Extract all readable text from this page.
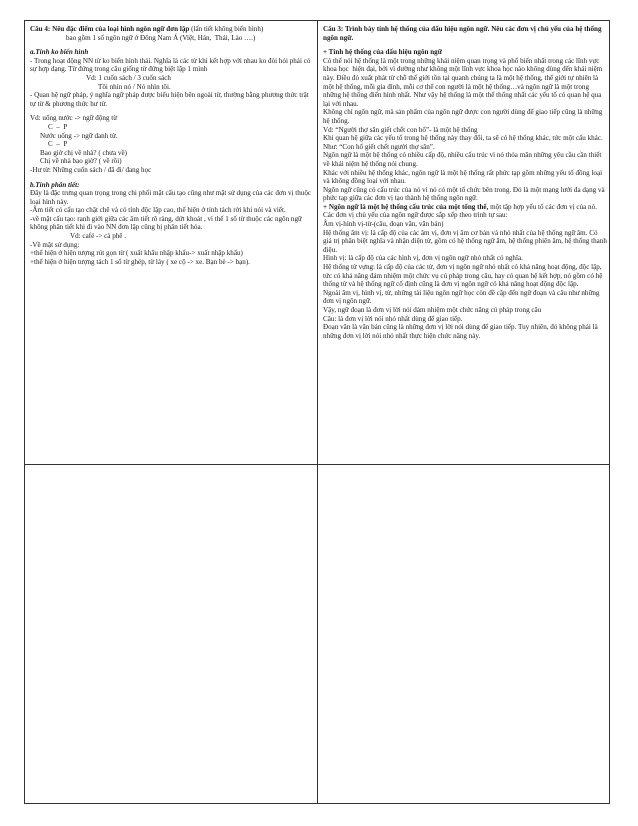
Câu 4: Nêu đặc điểm của loại hình ngôn ngữ đơn lập (lấn tiết không biến hình)

bao gồm 1 số ngôn ngữ ở Đông Nam Á (Việt, Hán,  Thái, Lào ….)

a.Tính ko biến hình

- Trong hoạt động NN từ ko biến hình thái. Nghĩa là các từ khi kết hợp với nhau ko đòi hỏi phải có sự hợp dạng. Từ đứng trong câu giống từ đứng biệt lập 1 mình

Vd: 1 cuốn sách / 3 cuốn sách

Tôi nhìn nó / Nó nhìn tôi.

- Quan hệ ngữ pháp, ý nghĩa ngữ pháp được biểu hiện bên ngoài từ, thường bằng phương thức trật tự từ & phương thức hư từ.

Vd: uống nước -> ngữ động từ

C  –  P

Nước uống -> ngữ danh từ.

C  –  P

Bao giờ chị về nhà? ( chưa về)

Chị về nhà bao giờ? ( về rồi)

-Hư từ: Những cuốn sách / đã đi/ đang học

b.Tính phân tiết:

Đây là đặc trưng quan trọng trong chi phối mặt cấu tạo cũng như mặt sử dụng của các đơn vị thuộc loại hình này.

-Âm tiết có cấu tạo chặt chẽ và có tính độc lập cao, thể hiện ở tính tách rời khi nói và viết.

-về mặt cấu tạo: ranh giới giữa các âm tiết rõ ràng, dứt khoát , vì thế 1 số từ thuộc các ngôn ngữ không phân tiết khi đi vào NN đơn lập cũng bị phân tiết hóa.

Vd: café -> cà phê .

-Về mặt sử dụng:

+thể hiện ở hiện tượng rút gọn từ ( xuất khẩu nhập khẩu-> xuất nhập khẩu)

+thể hiện ở hiện tượng tách 1 số từ ghép, từ láy ( xe cộ -> xe. Bạn bè -> bạn).

Câu 3: Trình bày tính hệ thống của dấu hiệu ngôn ngữ. Nêu các đơn vị chủ yếu của hệ thống ngôn ngữ.

+ Tính hệ thống của dấu hiệu ngôn ngữ

Có thể nói hệ thống là một trong những khái niệm quan trọng và phổ biến nhất trong các lĩnh vực khoa học  hiện đại, bởi vì dường như không một lĩnh vực khoa học nào không dùng đến khái niệm này. Điều đó xuất phát từ chỗ thế giới tồn tại quanh chúng ta là một hệ thống, thế giới tự nhiên là một hệ thống, mỗi gia đình, mỗi cơ thể con người là một hệ thống…và ngôn ngữ là một trong những hệ thống điển hình nhất. Như vậy hệ thống là một thể thống nhất các yếu tố có quan hệ qua lại với nhau.

Không chỉ ngôn ngữ, mà sản phẩm của ngôn ngữ được con người dùng để giao tiếp cũng là những hệ thống.

Vd: “Người thợ săn giết chết con hổ”- là một hệ thống

Khi quan hệ giữa các yếu tố trong hệ thống này thay đổi, ta sẽ có hệ thống khác, tức một cấu khác.

Như: “Con hổ giết chết người thợ săn”.

Ngôn ngữ là một hệ thống có nhiều cấp độ, nhiều cấu trúc vì nó thỏa mãn những yêu cầu cần thiết về khái niệm hệ thống nói chung.

Khác với nhiều hệ thống khác, ngôn ngữ là một hệ thống rất phức tạp gồm những yếu tố đồng loại và không đồng loại với nhau.

Ngôn ngữ cũng có cấu trúc của nó vì nó có một tổ chức bên trong. Đó là một mạng lưới đa dạng và phức tạp giữa các đơn vị tạo thành hệ thống ngôn ngữ.

+ Ngôn ngữ là một hệ thống cấu trúc của một tổng thể, một tập hợp yếu tố các đơn vị của nó. Các đơn vị chủ yếu của ngôn ngữ được sắp xếp theo trình tự sau:

Âm vị-hình vị-từ-(câu, đoạn văn, văn bản)

Hệ thống âm vị: là cấp độ của các âm vị, đơn vị âm cơ bản và nhỏ nhất của hệ thống ngữ âm. Có giá trị phân biệt nghĩa và nhận diện từ, gồm có hệ thống ngữ âm, hệ thống phiên âm, hệ thống thanh điệu.

Hình vị: là cấp độ của các hình vị, đơn vị ngôn ngữ nhỏ nhất có nghĩa.

Hệ thống từ vựng: là cấp độ của các từ, đơn vị ngôn ngữ nhỏ nhất có khả năng hoạt động, độc lập, tức có khả năng đảm nhiệm một chức vụ cú pháp trong câu, hay có quan hệ kết hợp, nó gồm có hệ thống từ và hệ thống ngữ cố định cũng là đơn vị ngôn ngữ có khả năng hoạt động độc lập.

Ngoài âm vị, hình vị, từ, những tài liệu ngôn ngữ học còn đề cập đến ngữ đoạn và câu như những đơn vị ngôn ngữ.

Vậy, ngữ đoạn là đơn vị lời nói đảm nhiệm một chức năng cú pháp trong câu

Câu: là đơn vị lời nói nhỏ nhất dùng để giao tiếp.

Đoạn văn là văn bản cũng là những đơn vị lời nói dùng để giao tiếp. Tuy nhiên, đó không phải là những đơn vị lời nói nhỏ nhất thực hiện chức năng này.
